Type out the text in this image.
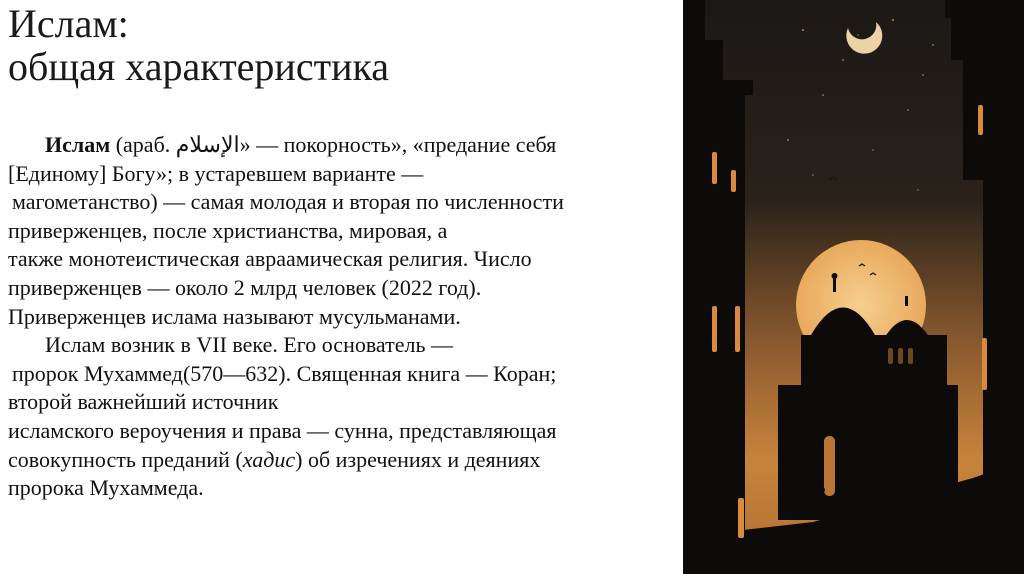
Ислам:
общая характеристика
Ислам (араб. الإسلام» — покорность», «предание себя
[Единому] Богу»; в устаревшем варианте —
магометанство) — самая молодая и вторая по численности
приверженцев, после христианства, мировая, а
также монотеистическая авраамическая религия. Число
приверженцев — около 2 млрд человек (2022 год).
Приверженцев ислама называют мусульманами.
Ислам возник в VII веке. Его основатель —
пророк Мухаммед(570—632). Священная книга — Коран;
второй важнейший источник
исламского вероучения и права — сунна, представляющая
совокупность преданий (хадис) об изречениях и деяниях
пророка Мухаммеда.
